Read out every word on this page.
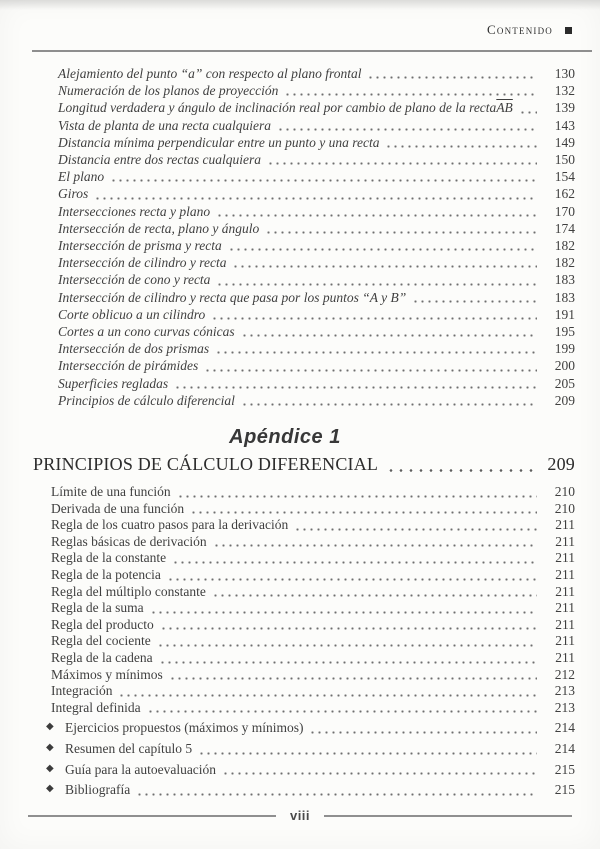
Contenido
Alejamiento del punto “a” con respecto al plano frontal	130
Numeración de los planos de proyección	132
Longitud verdadera y ángulo de inclinación real por cambio de plano de la recta $\overline{AB}$	139
Vista de planta de una recta cualquiera	143
Distancia mínima perpendicular entre un punto y una recta	149
Distancia entre dos rectas cualquiera	150
El plano	154
Giros	162
Intersecciones recta y plano	170
Intersección de recta, plano y ángulo	174
Intersección de prisma y recta	182
Intersección de cilindro y recta	182
Intersección de cono y recta	183
Intersección de cilindro y recta que pasa por los puntos “A y B”	183
Corte oblicuo a un cilindro	191
Cortes a un cono curvas cónicas	195
Intersección de dos prismas	199
Intersección de pirámides	200
Superficies regladas	205
Principios de cálculo diferencial	209
Apéndice 1
PRINCIPIOS DE CÁLCULO DIFERENCIAL	209
Límite de una función	210
Derivada de una función	210
Regla de los cuatro pasos para la derivación	211
Reglas básicas de derivación	211
Regla de la constante	211
Regla de la potencia	211
Regla del múltiplo constante	211
Regla de la suma	211
Regla del producto	211
Regla del cociente	211
Regla de la cadena	211
Máximos y mínimos	212
Integración	213
Integral definida	213
◆ Ejercicios propuestos (máximos y mínimos)	214
◆ Resumen del capítulo 5	214
◆ Guía para la autoevaluación	215
◆ Bibliografía	215
viii
